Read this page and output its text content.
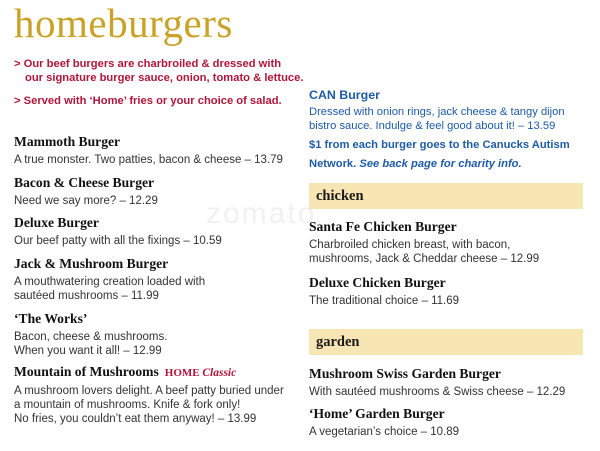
homeburgers
> Our beef burgers are charbroiled & dressed with
our signature burger sauce, onion, tomato & lettuce.
> Served with ‘Home’ fries or your choice of salad.
Mammoth Burger
A true monster. Two patties, bacon & cheese – 13.79
Bacon & Cheese Burger
Need we say more? – 12.29
Deluxe Burger
Our beef patty with all the fixings – 10.59
Jack & Mushroom Burger
A mouthwatering creation loaded with
sautéed mushrooms – 11.99
‘The Works’
Bacon, cheese & mushrooms.
When you want it all! – 12.99
Mountain of Mushrooms HOME Classic
A mushroom lovers delight. A beef patty buried under
a mountain of mushrooms. Knife & fork only!
No fries, you couldn’t eat them anyway! – 13.99
CAN Burger
Dressed with onion rings, jack cheese & tangy dijon
bistro sauce. Indulge & feel good about it! – 13.59
$1 from each burger goes to the Canucks Autism
Network. See back page for charity info.
chicken
Santa Fe Chicken Burger
Charbroiled chicken breast, with bacon,
mushrooms, Jack & Cheddar cheese – 12.99
Deluxe Chicken Burger
The traditional choice – 11.69
garden
Mushroom Swiss Garden Burger
With sautéed mushrooms & Swiss cheese – 12.29
‘Home’ Garden Burger
A vegetarian’s choice – 10.89
zomato
